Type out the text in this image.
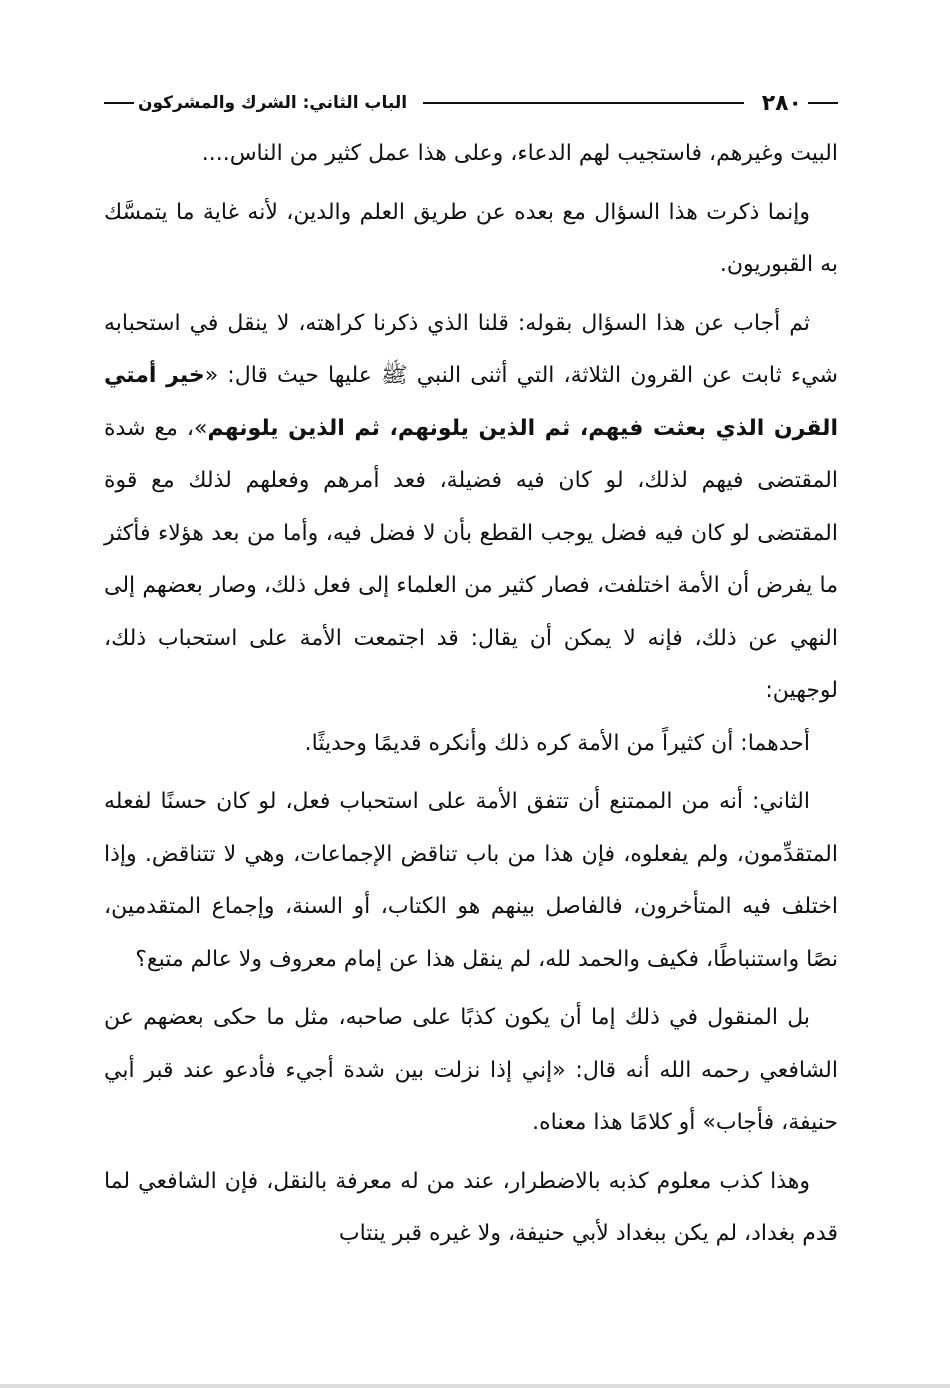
٢٨٠
الباب الثاني: الشرك والمشركون

البيت وغيرهم، فاستجيب لهم الدعاء، وعلى هذا عمل كثير من الناس....

وإنما ذكرت هذا السؤال مع بعده عن طريق العلم والدين، لأنه غاية ما يتمسَّك به القبوريون.

ثم أجاب عن هذا السؤال بقوله: قلنا الذي ذكرنا كراهته، لا ينقل في استحبابه شيء ثابت عن القرون الثلاثة، التي أثنى النبي ﷺ عليها حيث قال: «خير أمتي القرن الذي بعثت فيهم، ثم الذين يلونهم، ثم الذين يلونهم»، مع شدة المقتضى فيهم لذلك، لو كان فيه فضيلة، فعد أمرهم وفعلهم لذلك مع قوة المقتضى لو كان فيه فضل يوجب القطع بأن لا فضل فيه، وأما من بعد هؤلاء فأكثر ما يفرض أن الأمة اختلفت، فصار كثير من العلماء إلى فعل ذلك، وصار بعضهم إلى النهي عن ذلك، فإنه لا يمكن أن يقال: قد اجتمعت الأمة على استحباب ذلك، لوجهين:

أحدهما: أن كثيراً من الأمة كره ذلك وأنكره قديمًا وحديثًا.

الثاني: أنه من الممتنع أن تتفق الأمة على استحباب فعل، لو كان حسنًا لفعله المتقدِّمون، ولم يفعلوه، فإن هذا من باب تناقض الإجماعات، وهي لا تتناقض. وإذا اختلف فيه المتأخرون، فالفاصل بينهم هو الكتاب، أو السنة، وإجماع المتقدمين، نصًا واستنباطًا، فكيف والحمد لله، لم ينقل هذا عن إمام معروف ولا عالم متبع؟

بل المنقول في ذلك إما أن يكون كذبًا على صاحبه، مثل ما حكى بعضهم عن الشافعي رحمه الله أنه قال: «إني إذا نزلت بين شدة أجيء فأدعو عند قبر أبي حنيفة، فأجاب» أو كلامًا هذا معناه.

وهذا كذب معلوم كذبه بالاضطرار، عند من له معرفة بالنقل، فإن الشافعي لما قدم بغداد، لم يكن ببغداد لأبي حنيفة، ولا غيره قبر ينتاب
